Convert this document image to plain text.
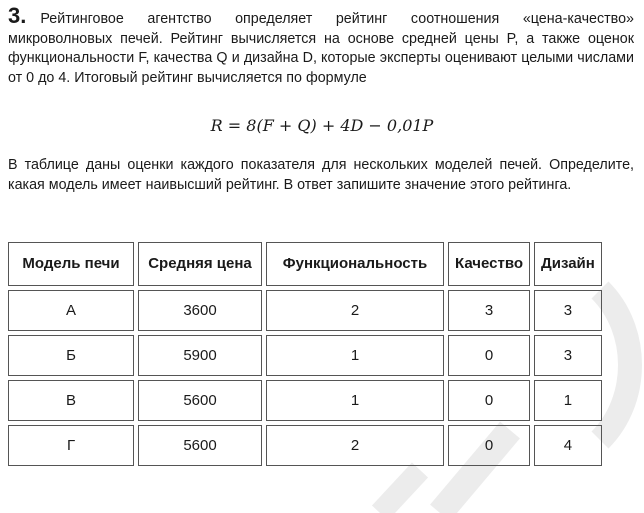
3. Рейтинговое агентство определяет рейтинг соотношения «цена-качество» микроволновых печей. Рейтинг вычисляется на основе средней цены P, а также оценок функциональности F, качества Q и дизайна D, которые эксперты оценивают целыми числами от 0 до 4. Итоговый рейтинг вычисляется по формуле
R = 8(F + Q) + 4D − 0,01P
В таблице даны оценки каждого показателя для нескольких моделей печей. Определите, какая модель имеет наивысший рейтинг. В ответ запишите значение этого рейтинга.
Модель печи	Средняя цена	Функциональность	Качество	Дизайн
А	3600	2	3	3
Б	5900	1	0	3
В	5600	1	0	1
Г	5600	2	0	4
